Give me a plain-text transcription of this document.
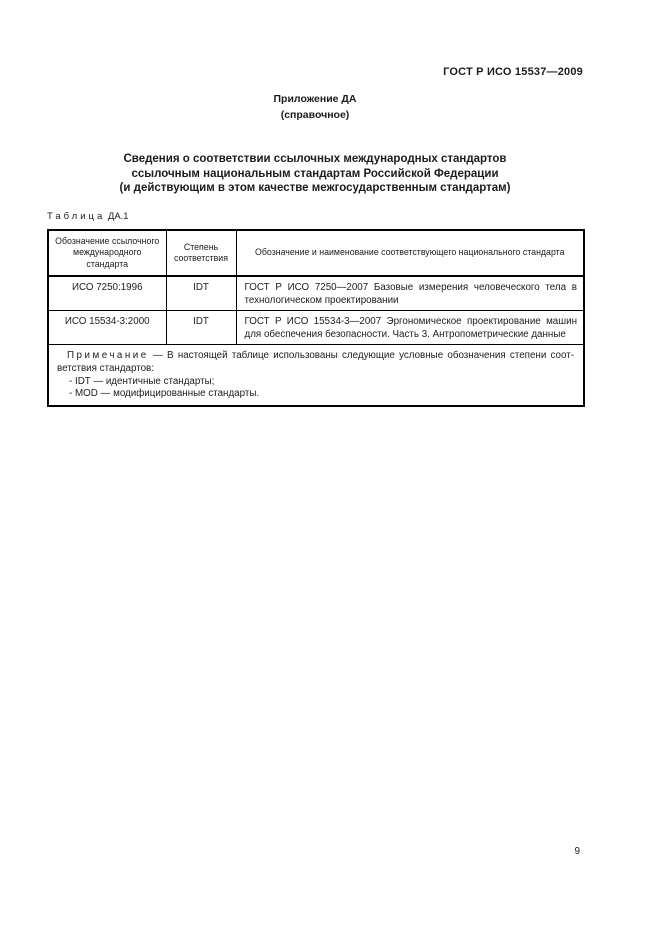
ГОСТ Р ИСО 15537—2009
Приложение ДА
(справочное)
Сведения о соответствии ссылочных международных стандартов
ссылочным национальным стандартам Российской Федерации
(и действующим в этом качестве межгосударственным стандартам)
Таблица ДА.1
Обозначение ссылочного международного стандарта	Степень соответствия	Обозначение и наименование соответствующего национального стандарта
ИСО 7250:1996	IDT	ГОСТ Р ИСО 7250—2007 Базовые измерения человеческого тела в
технологическом проектировании

ИСО 15534-3:2000	IDT	ГОСТ Р ИСО 15534-3—2007 Эргономическое проектирование машин
для обеспечения безопасности. Часть 3. Антропометрические данные

Примечание — В настоящей таблице использованы следующие условные обозначения степени соот-
ветствия стандартов:
- IDT — идентичные стандарты;
- MOD — модифицированные стандарты.		
9
